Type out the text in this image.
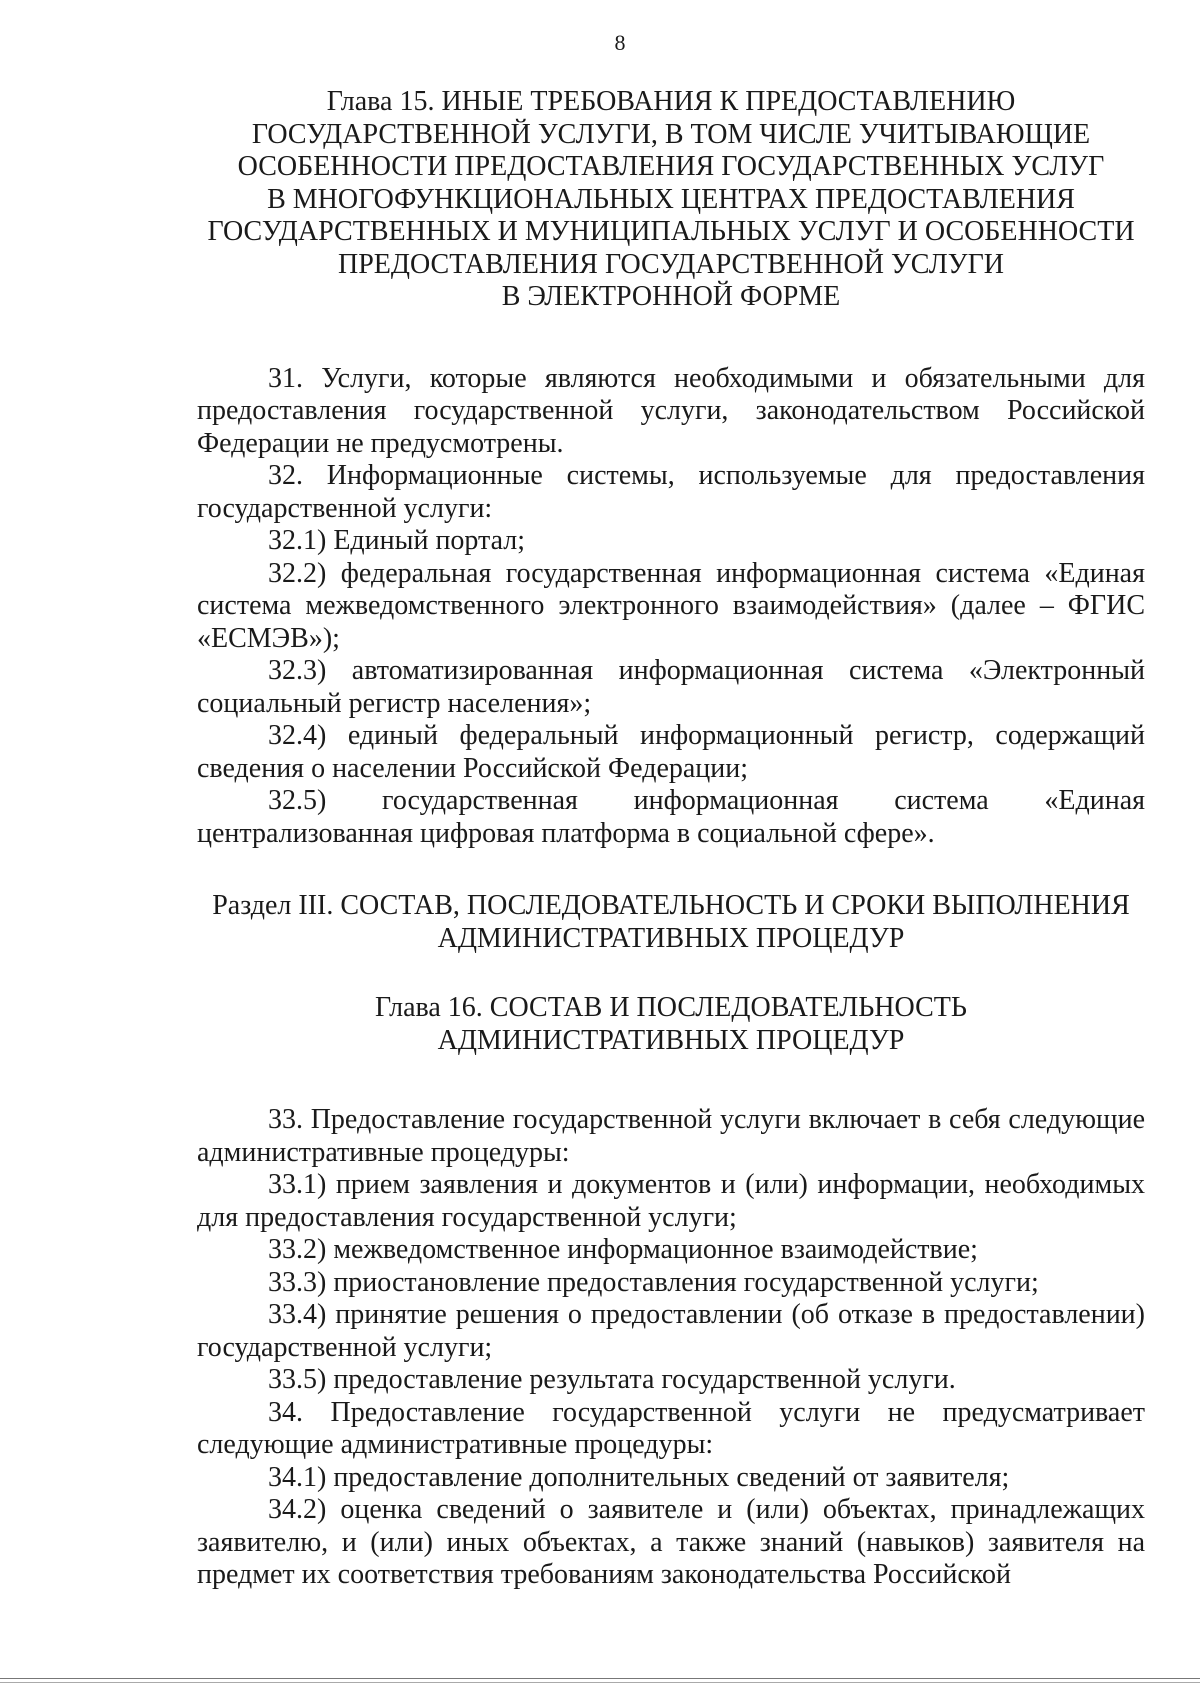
8
Глава 15. ИНЫЕ ТРЕБОВАНИЯ К ПРЕДОСТАВЛЕНИЮ
ГОСУДАРСТВЕННОЙ УСЛУГИ, В ТОМ ЧИСЛЕ УЧИТЫВАЮЩИЕ
ОСОБЕННОСТИ ПРЕДОСТАВЛЕНИЯ ГОСУДАРСТВЕННЫХ УСЛУГ
В МНОГОФУНКЦИОНАЛЬНЫХ ЦЕНТРАХ ПРЕДОСТАВЛЕНИЯ
ГОСУДАРСТВЕННЫХ И МУНИЦИПАЛЬНЫХ УСЛУГ И ОСОБЕННОСТИ
ПРЕДОСТАВЛЕНИЯ ГОСУДАРСТВЕННОЙ УСЛУГИ
В ЭЛЕКТРОННОЙ ФОРМЕ

31. Услуги, которые являются необходимыми и обязательными для предоставления государственной услуги, законодательством Российской Федерации не предусмотрены.

32. Информационные системы, используемые для предоставления государственной услуги:

32.1) Единый портал;

32.2) федеральная государственная информационная система «Единая система межведомственного электронного взаимодействия» (далее – ФГИС «ЕСМЭВ»);

32.3) автоматизированная информационная система «Электронный социальный регистр населения»;

32.4) единый федеральный информационный регистр, содержащий сведения о населении Российской Федерации;

32.5) государственная информационная система «Единая централизованная цифровая платформа в социальной сфере».

Раздел III. СОСТАВ, ПОСЛЕДОВАТЕЛЬНОСТЬ И СРОКИ ВЫПОЛНЕНИЯ
АДМИНИСТРАТИВНЫХ ПРОЦЕДУР
Глава 16. СОСТАВ И ПОСЛЕДОВАТЕЛЬНОСТЬ
АДМИНИСТРАТИВНЫХ ПРОЦЕДУР

33. Предоставление государственной услуги включает в себя следующие административные процедуры:

33.1) прием заявления и документов и (или) информации, необходимых для предоставления государственной услуги;

33.2) межведомственное информационное взаимодействие;

33.3) приостановление предоставления государственной услуги;

33.4) принятие решения о предоставлении (об отказе в предоставлении) государственной услуги;

33.5) предоставление результата государственной услуги.

34. Предоставление государственной услуги не предусматривает следующие административные процедуры:

34.1) предоставление дополнительных сведений от заявителя;

34.2) оценка сведений о заявителе и (или) объектах, принадлежащих заявителю, и (или) иных объектах, а также знаний (навыков) заявителя на предмет их соответствия требованиям законодательства Российской
